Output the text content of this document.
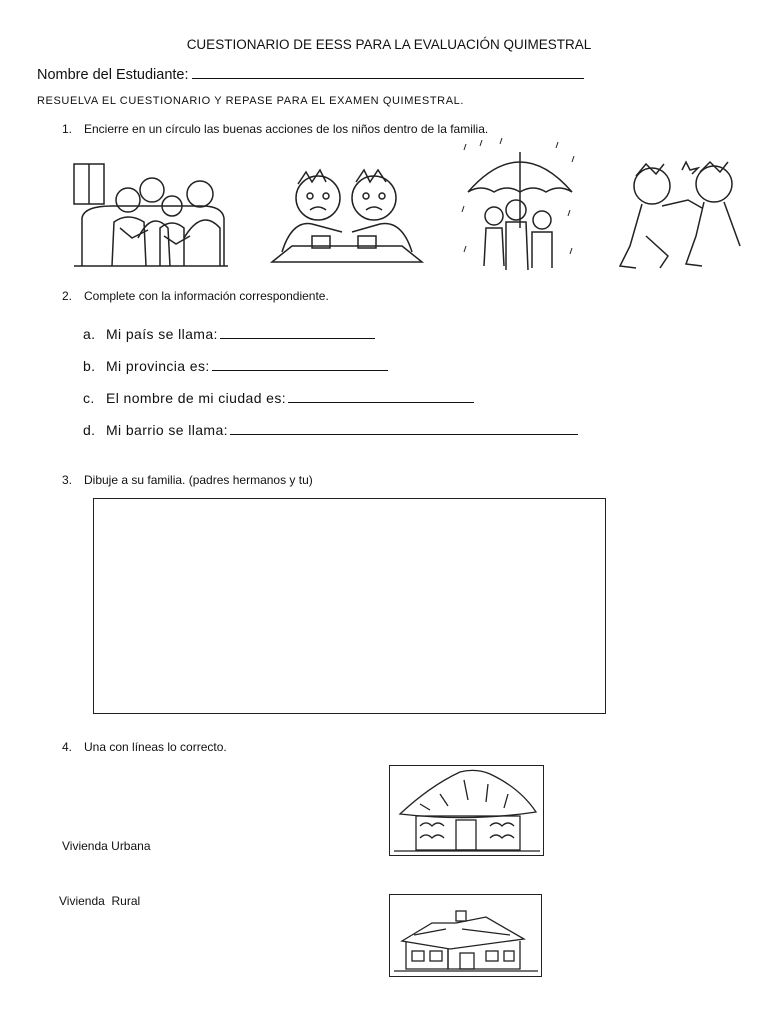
CUESTIONARIO DE EESS PARA LA EVALUACIÓN QUIMESTRAL
Nombre del Estudiante:
RESUELVA EL CUESTIONARIO Y REPASE PARA EL EXAMEN QUIMESTRAL.
1. Encierre en un círculo las buenas acciones de los niños dentro de la familia.
2. Complete con la información correspondiente.
a. Mi país se llama:
b. Mi provincia es:
c. El nombre de mi ciudad es:
d. Mi barrio se llama:
3. Dibuje a su familia. (padres hermanos y tu)
4. Una con líneas lo correcto.
Vivienda Urbana
Vivienda  Rural
